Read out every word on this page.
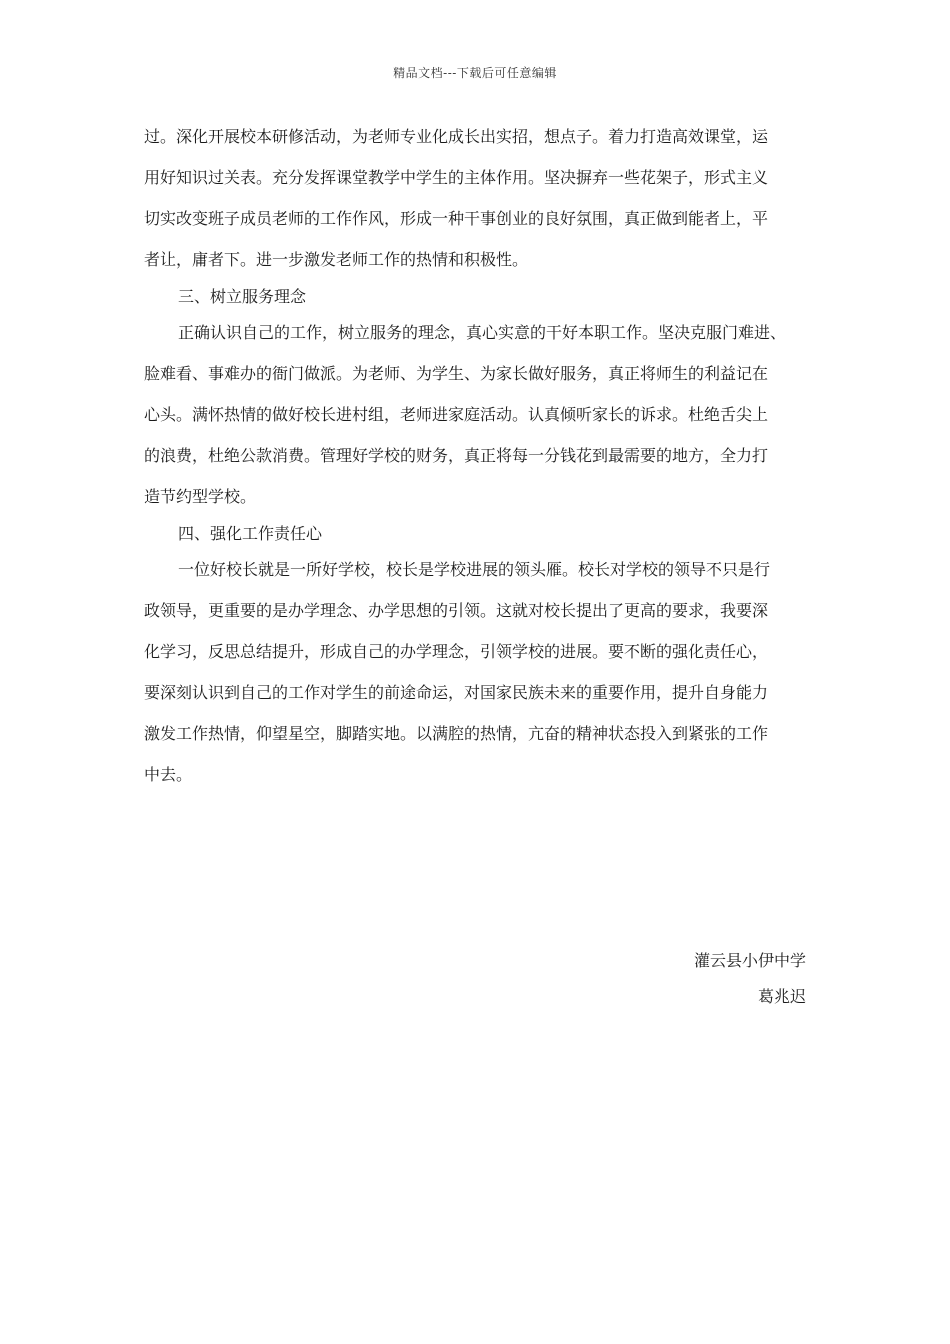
精品文档---下载后可任意编辑
过。深化开展校本研修活动，为老师专业化成长出实招，想点子。着力打造高效课堂，运
用好知识过关表。充分发挥课堂教学中学生的主体作用。坚决摒弃一些花架子，形式主义
切实改变班子成员老师的工作作风，形成一种干事创业的良好氛围，真正做到能者上，平
者让，庸者下。进一步激发老师工作的热情和积极性。
三、树立服务理念
正确认识自己的工作，树立服务的理念，真心实意的干好本职工作。坚决克服门难进、
脸难看、事难办的衙门做派。为老师、为学生、为家长做好服务，真正将师生的利益记在
心头。满怀热情的做好校长进村组，老师进家庭活动。认真倾听家长的诉求。杜绝舌尖上
的浪费，杜绝公款消费。管理好学校的财务，真正将每一分钱花到最需要的地方，全力打
造节约型学校。
四、强化工作责任心
一位好校长就是一所好学校，校长是学校进展的领头雁。校长对学校的领导不只是行
政领导，更重要的是办学理念、办学思想的引领。这就对校长提出了更高的要求，我要深
化学习，反思总结提升，形成自己的办学理念，引领学校的进展。要不断的强化责任心，
要深刻认识到自己的工作对学生的前途命运，对国家民族未来的重要作用，提升自身能力
激发工作热情，仰望星空，脚踏实地。以满腔的热情，亢奋的精神状态投入到紧张的工作
中去。
灌云县小伊中学
葛兆迟
